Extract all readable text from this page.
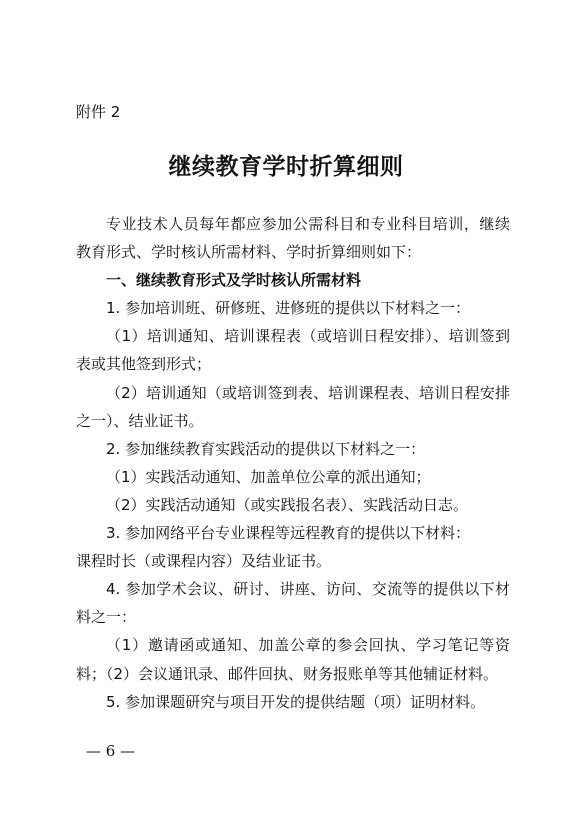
附件 2
继续教育学时折算细则

专业技术人员每年都应参加公需科目和专业科目培训，继续教育形式、学时核认所需材料、学时折算细则如下：

一、继续教育形式及学时核认所需材料

1. 参加培训班、研修班、进修班的提供以下材料之一：

（1）培训通知、培训课程表（或培训日程安排）、培训签到表或其他签到形式；

（2）培训通知（或培训签到表、培训课程表、培训日程安排之一）、结业证书。

2. 参加继续教育实践活动的提供以下材料之一：

（1）实践活动通知、加盖单位公章的派出通知；

（2）实践活动通知（或实践报名表）、实践活动日志。

3. 参加网络平台专业课程等远程教育的提供以下材料：

课程时长（或课程内容）及结业证书。

4. 参加学术会议、研讨、讲座、访问、交流等的提供以下材料之一：

（1）邀请函或通知、加盖公章的参会回执、学习笔记等资料；（2）会议通讯录、邮件回执、财务报账单等其他辅证材料。

5. 参加课题研究与项目开发的提供结题（项）证明材料。

— 6 —
